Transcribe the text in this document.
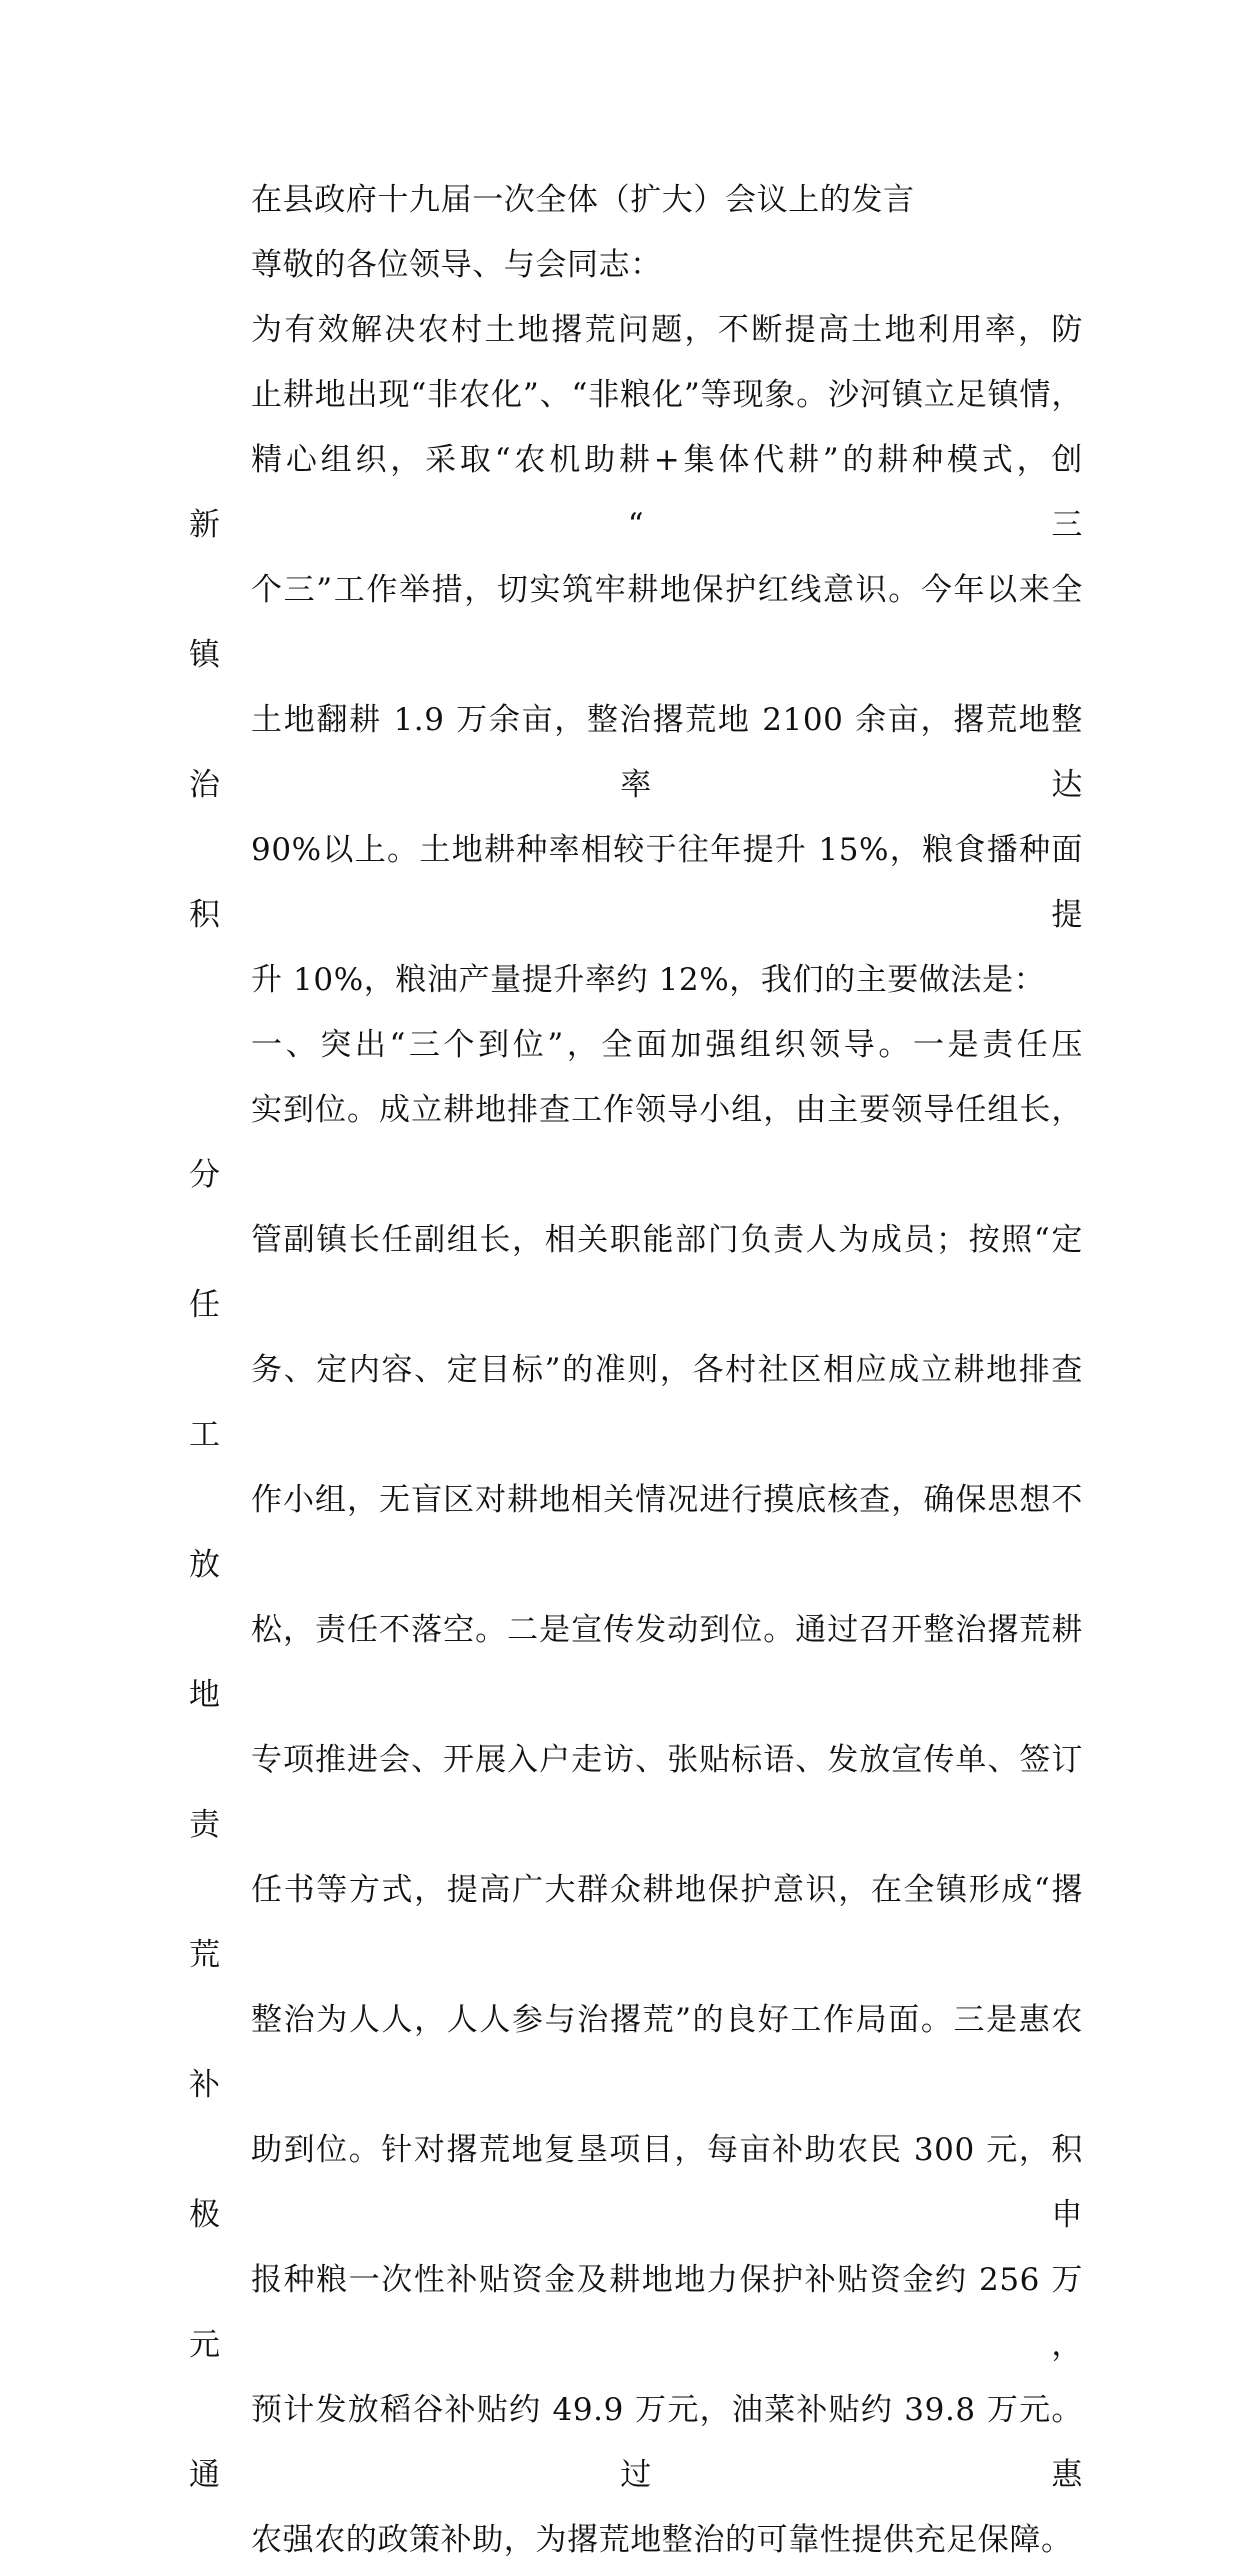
在县政府十九届一次全体（扩大）会议上的发言

尊敬的各位领导、与会同志：

为有效解决农村土地撂荒问题，不断提高土地利用率，防
止耕地出现“非农化”、“非粮化”等现象。沙河镇立足镇情，
精心组织，采取“农机助耕+集体代耕”的耕种模式，创新“三
个三”工作举措，切实筑牢耕地保护红线意识。今年以来全镇
土地翻耕 1.9 万余亩，整治撂荒地 2100 余亩，撂荒地整治率达
90%以上。土地耕种率相较于往年提升 15%，粮食播种面积提
升 10%，粮油产量提升率约 12%，我们的主要做法是：

一、突出“三个到位”，全面加强组织领导。一是责任压
实到位。成立耕地排查工作领导小组，由主要领导任组长，分
管副镇长任副组长，相关职能部门负责人为成员；按照“定任
务、定内容、定目标”的准则，各村社区相应成立耕地排查工
作小组，无盲区对耕地相关情况进行摸底核查，确保思想不放
松，责任不落空。二是宣传发动到位。通过召开整治撂荒耕地
专项推进会、开展入户走访、张贴标语、发放宣传单、签订责
任书等方式，提高广大群众耕地保护意识，在全镇形成“撂荒
整治为人人，人人参与治撂荒”的良好工作局面。三是惠农补
助到位。针对撂荒地复垦项目，每亩补助农民 300 元，积极申
报种粮一次性补贴资金及耕地地力保护补贴资金约 256 万元，
预计发放稻谷补贴约 49.9 万元，油菜补贴约 39.8 万元。通过惠
农强农的政策补助，为撂荒地整治的可靠性提供充足保障。
